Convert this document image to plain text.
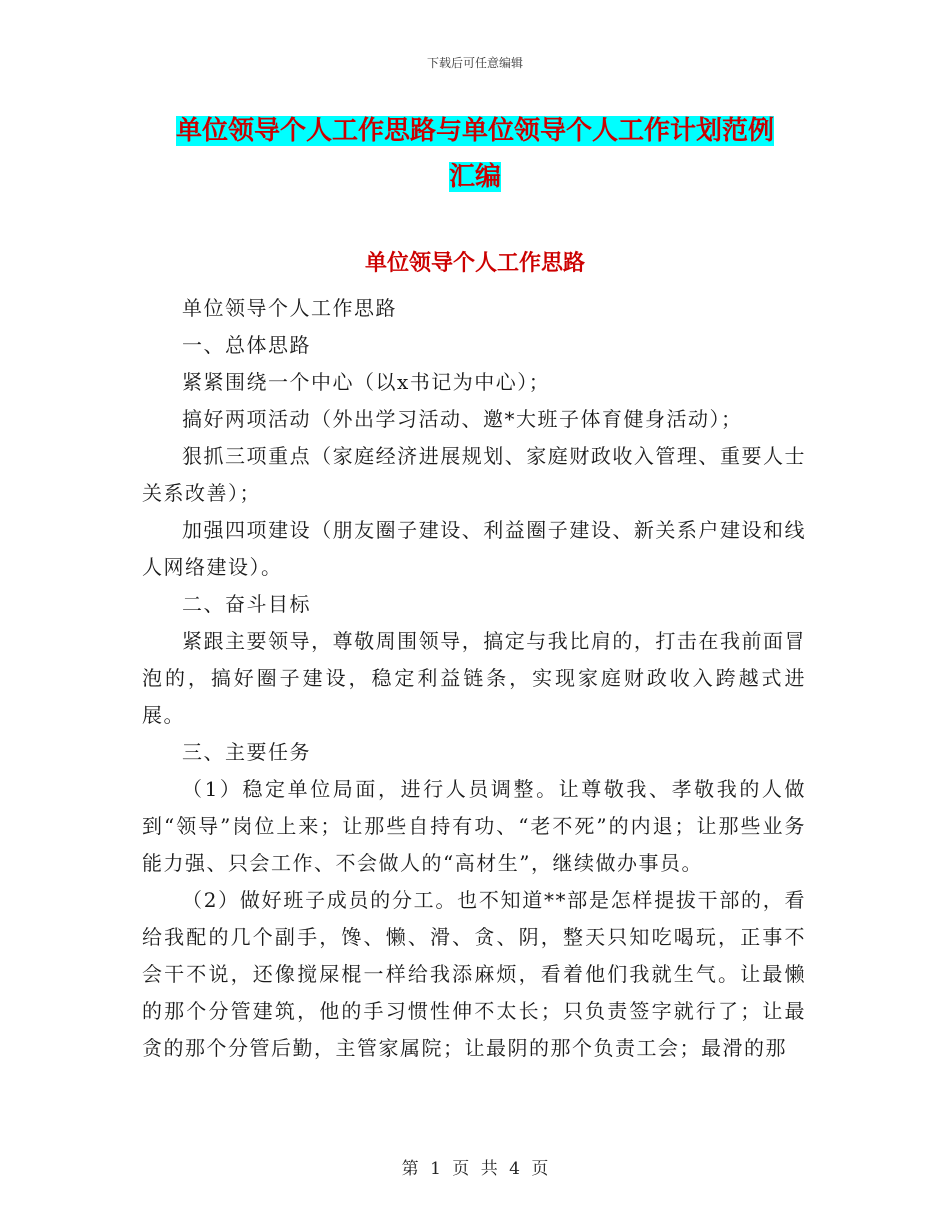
下载后可任意编辑
单位领导个人工作思路与单位领导个人工作计划范例
汇编
单位领导个人工作思路

单位领导个人工作思路

一、总体思路

紧紧围绕一个中心（以x书记为中心）；

搞好两项活动（外出学习活动、邀*大班子体育健身活动）；

狠抓三项重点（家庭经济进展规划、家庭财政收入管理、重要人士关系改善）；

加强四项建设（朋友圈子建设、利益圈子建设、新关系户建设和线人网络建设）。

二、奋斗目标

紧跟主要领导，尊敬周围领导，搞定与我比肩的，打击在我前面冒泡的，搞好圈子建设，稳定利益链条，实现家庭财政收入跨越式进展。

三、主要任务

（1）稳定单位局面，进行人员调整。让尊敬我、孝敬我的人做到“领导”岗位上来；让那些自持有功、“老不死”的内退；让那些业务能力强、只会工作、不会做人的“高材生”，继续做办事员。

（2）做好班子成员的分工。也不知道**部是怎样提拔干部的，看给我配的几个副手，馋、懒、滑、贪、阴，整天只知吃喝玩，正事不会干不说，还像搅屎棍一样给我添麻烦，看着他们我就生气。让最懒的那个分管建筑，他的手习惯性伸不太长；只负责签字就行了；让最贪的那个分管后勤，主管家属院；让最阴的那个负责工会；最滑的那

第 1 页 共 4 页
